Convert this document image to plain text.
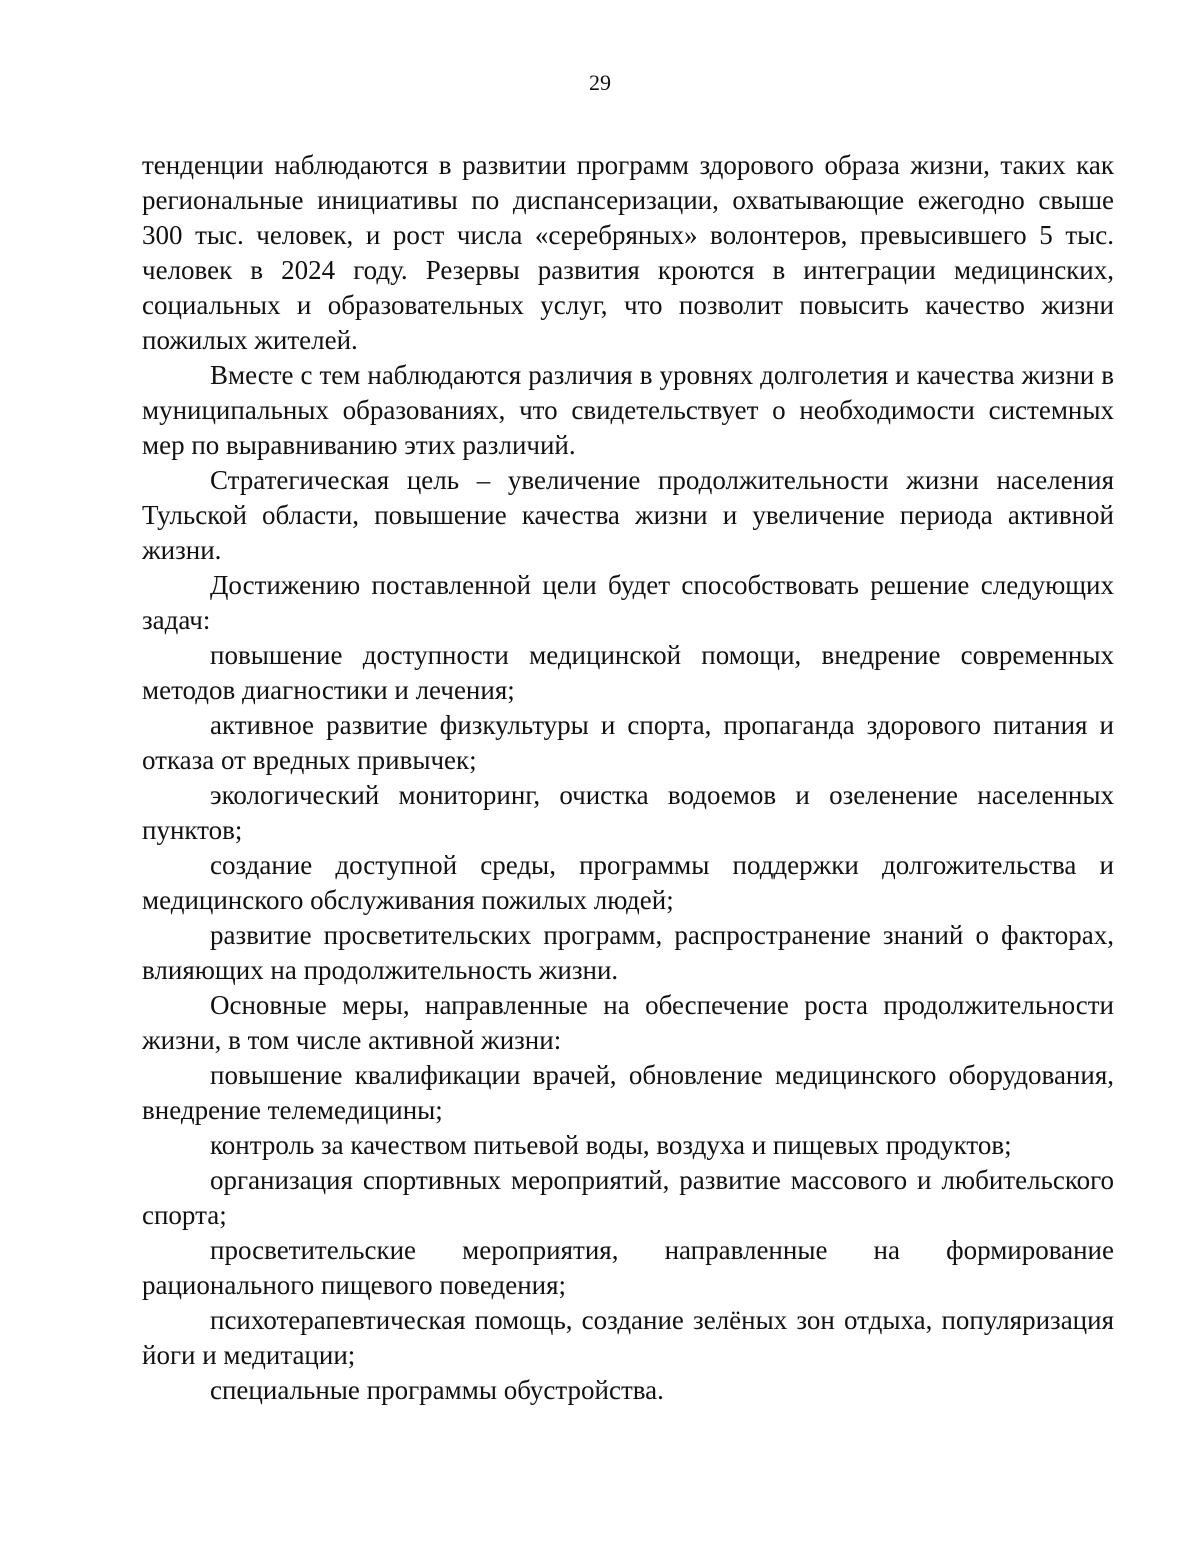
29

тенденции наблюдаются в развитии программ здорового образа жизни, таких как региональные инициативы по диспансеризации, охватывающие ежегодно свыше 300 тыс. человек, и рост числа «серебряных» волонтеров, превысившего 5 тыс. человек в 2024 году. Резервы развития кроются в интеграции медицинских, социальных и образовательных услуг, что позволит повысить качество жизни пожилых жителей.

Вместе с тем наблюдаются различия в уровнях долголетия и качества жизни в муниципальных образованиях, что свидетельствует о необходимости системных мер по выравниванию этих различий.

Стратегическая цель – увеличение продолжительности жизни населения Тульской области, повышение качества жизни и увеличение периода активной жизни.

Достижению поставленной цели будет способствовать решение следующих задач:

повышение доступности медицинской помощи, внедрение современных методов диагностики и лечения;

активное развитие физкультуры и спорта, пропаганда здорового питания и отказа от вредных привычек;

экологический мониторинг, очистка водоемов и озеленение населенных пунктов;

создание доступной среды, программы поддержки долгожительства и медицинского обслуживания пожилых людей;

развитие просветительских программ, распространение знаний о факторах, влияющих на продолжительность жизни.

Основные меры, направленные на обеспечение роста продолжительности жизни, в том числе активной жизни:

повышение квалификации врачей, обновление медицинского оборудования, внедрение телемедицины;

контроль за качеством питьевой воды, воздуха и пищевых продуктов;

организация спортивных мероприятий, развитие массового и любительского спорта;

просветительские мероприятия, направленные на формирование рационального пищевого поведения;

психотерапевтическая помощь, создание зелёных зон отдыха, популяризация йоги и медитации;

специальные программы обустройства.
